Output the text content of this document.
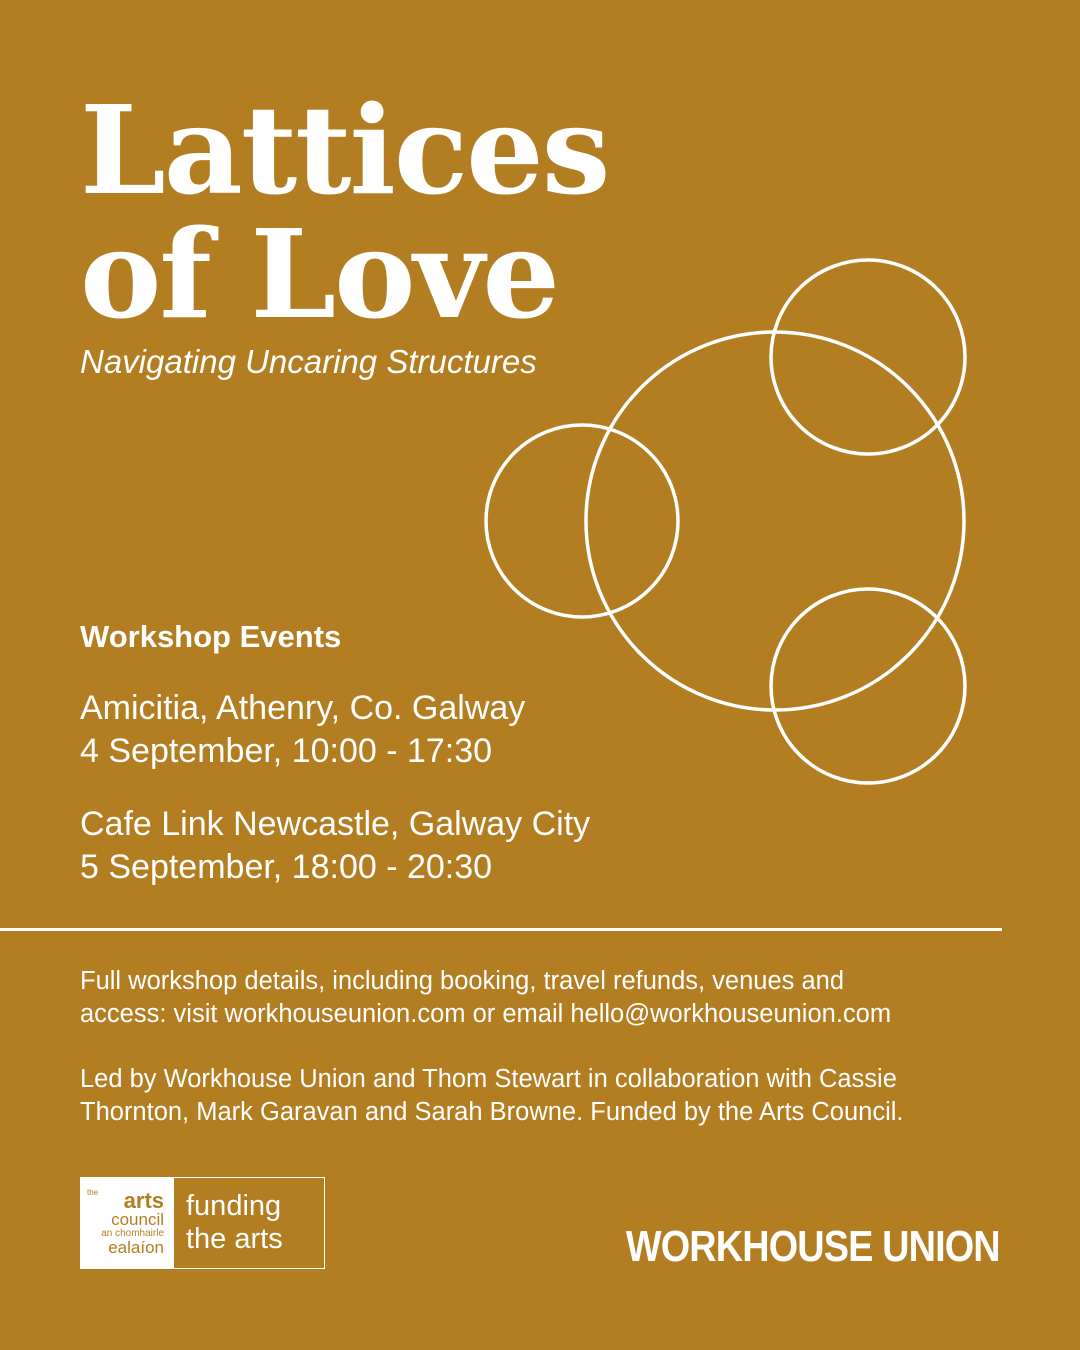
Lattices
of Love
Navigating Uncaring Structures
Workshop Events
Amicitia, Athenry, Co. Galway
4 September, 10:00 - 17:30
Cafe Link Newcastle, Galway City
5 September, 18:00 - 20:30
Full workshop details, including booking, travel refunds, venues and
access: visit workhouseunion.com or email hello@workhouseunion.com
Led by Workhouse Union and Thom Stewart in collaboration with Cassie
Thornton, Mark Garavan and Sarah Browne. Funded by the Arts Council.
the arts
council
an chomhairle
ealaíon
funding
the arts	WORKHOUSE UNION
